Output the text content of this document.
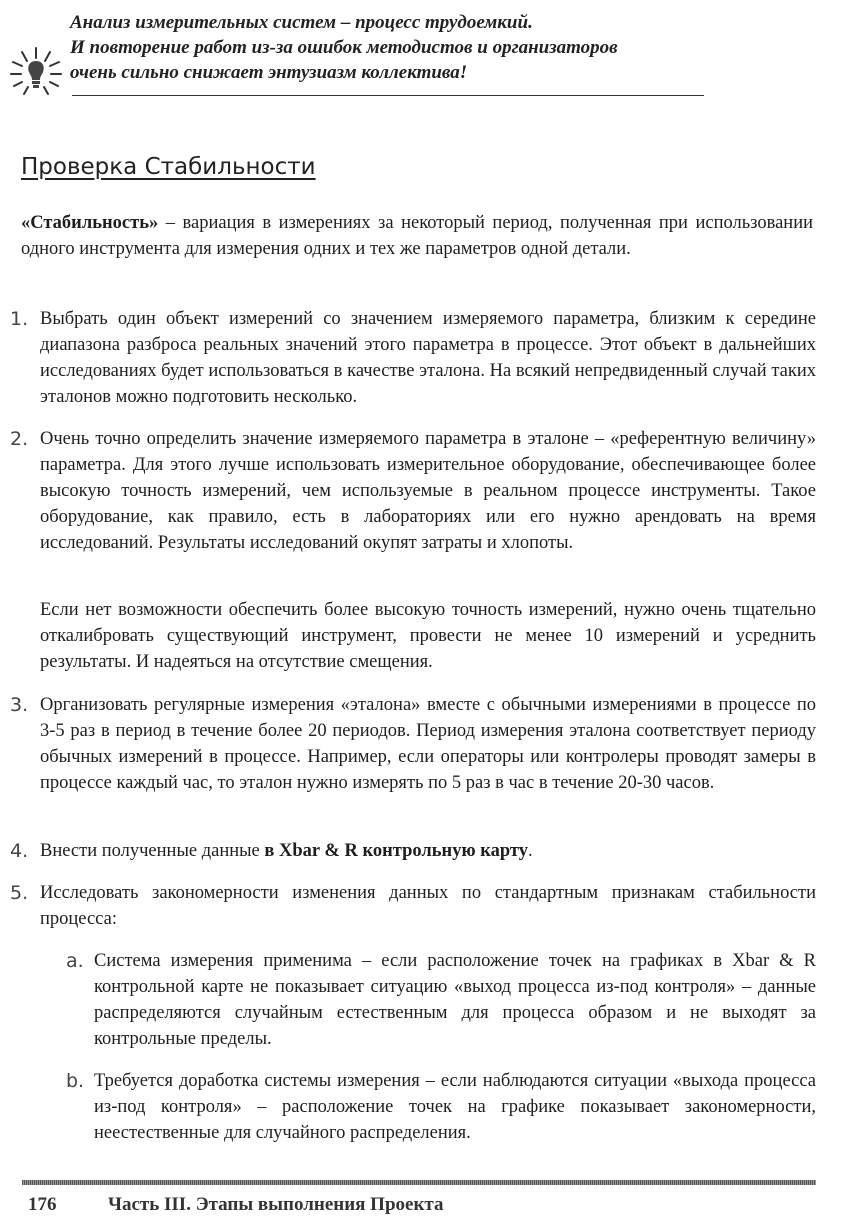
Анализ измерительных систем – процесс трудоемкий.
И повторение работ из-за ошибок методистов и организаторов
очень сильно снижает энтузиазм коллектива!
Проверка Стабильности
«Стабильность» – вариация в измерениях за некоторый период, полученная при использовании одного инструмента для измерения одних и тех же параметров одной детали.
1. Выбрать один объект измерений со значением измеряемого параметра, близким к середине диапазона разброса реальных значений этого параметра в процессе. Этот объект в дальнейших исследованиях будет использоваться в качестве эталона. На всякий непредвиденный случай таких эталонов можно подготовить несколько.
2. Очень точно определить значение измеряемого параметра в эталоне – «референтную величину» параметра. Для этого лучше использовать измерительное оборудование, обеспечивающее более высокую точность измерений, чем используемые в реальном процессе инструменты. Такое оборудование, как правило, есть в лабораториях или его нужно арендовать на время исследований. Результаты исследований окупят затраты и хлопоты.
Если нет возможности обеспечить более высокую точность измерений, нужно очень тщательно откалибровать существующий инструмент, провести не менее 10 измерений и усреднить результаты. И надеяться на отсутствие смещения.
3. Организовать регулярные измерения «эталона» вместе с обычными измерениями в процессе по 3-5 раз в период в течение более 20 периодов. Период измерения эталона соответствует периоду обычных измерений в процессе. Например, если операторы или контролеры проводят замеры в процессе каждый час, то эталон нужно измерять по 5 раз в час в течение 20-30 часов.
4. Внести полученные данные в Xbar & R контрольную карту.
5. Исследовать закономерности изменения данных по стандартным признакам стабильности процесса:
a. Система измерения применима – если расположение точек на графиках в Xbar & R контрольной карте не показывает ситуацию «выход процесса из-под контроля» – данные распределяются случайным естественным для процесса образом и не выходят за контрольные пределы.
b. Требуется доработка системы измерения – если наблюдаются ситуации «выхода процесса из-под контроля» – расположение точек на графике показывает закономерности, неестественные для случайного распределения.
176	Часть III. Этапы выполнения Проекта
